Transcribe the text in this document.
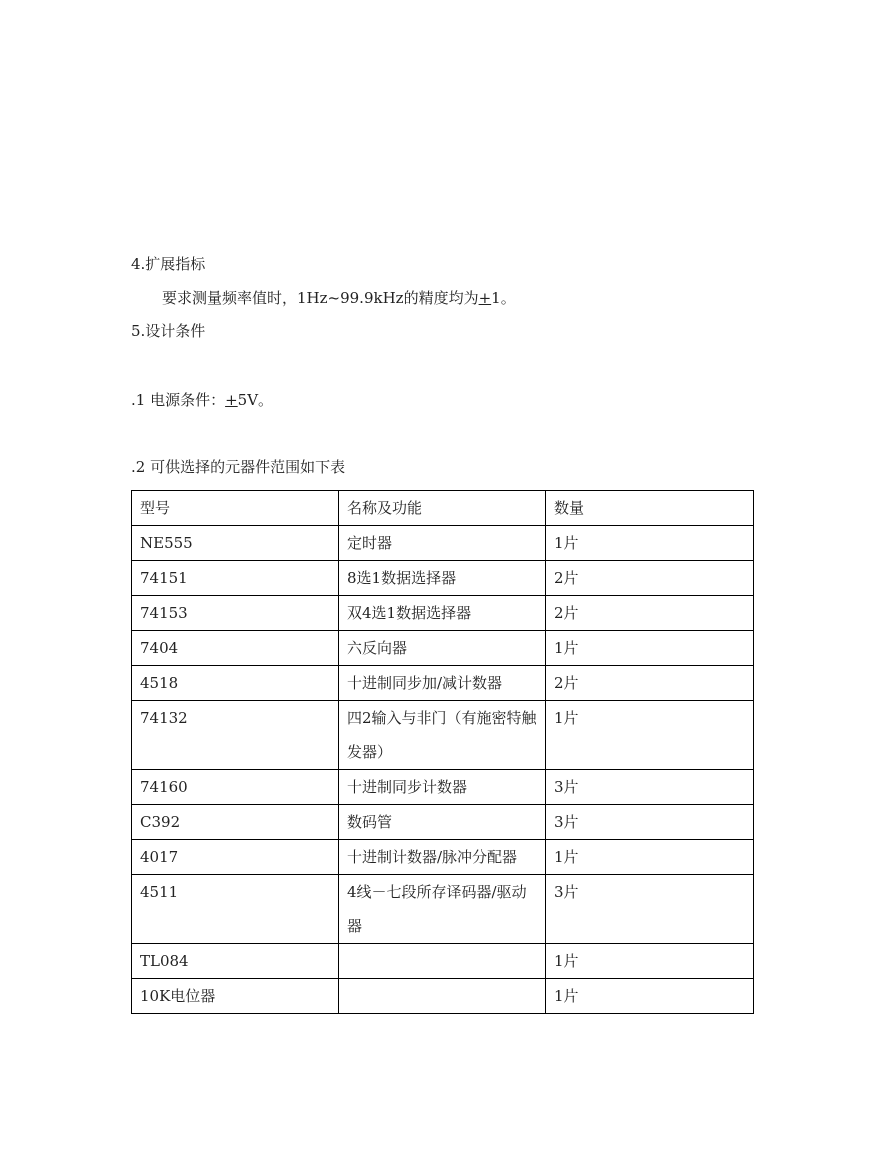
4.扩展指标
要求测量频率值时，1Hz~99.9kHz的精度均为+1。
5.设计条件
.1 电源条件：+5V。
.2 可供选择的元器件范围如下表
型号	名称及功能	数量
NE555	定时器	1片
74151	8选1数据选择器	2片
74153	双4选1数据选择器	2片
7404	六反向器	1片
4518	十进制同步加/减计数器	2片
74132	四2输入与非门（有施密特触发器）	1片
74160	十进制同步计数器	3片
C392	数码管	3片
4017	十进制计数器/脉冲分配器	1片
4511	4线－七段所存译码器/驱动器	3片
TL084		1片
10K电位器		1片
